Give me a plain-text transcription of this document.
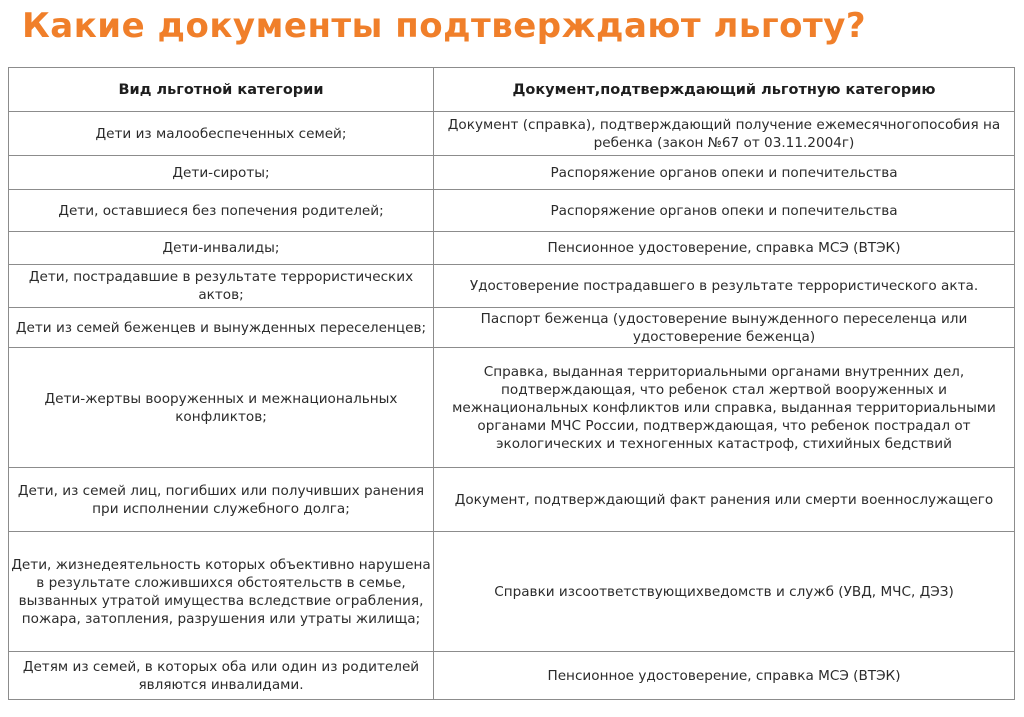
Какие документы подтверждают льготу?
Вид льготной категории	Документ,подтверждающий льготную категорию
Дети из малообеспеченных семей;	Документ (справка), подтверждающий получение ежемесячногопособия на ребенка (закон №67 от 03.11.2004г)
Дети-сироты;	Распоряжение органов опеки и попечительства
Дети, оставшиеся без попечения родителей;	Распоряжение органов опеки и попечительства
Дети-инвалиды;	Пенсионное удостоверение, справка МСЭ (ВТЭК)
Дети, пострадавшие в результате террористических актов;	Удостоверение пострадавшего в результате террористического акта.
Дети из семей беженцев и вынужденных переселенцев;	Паспорт беженца (удостоверение вынужденного переселенца или удостоверение беженца)
Дети-жертвы вооруженных и межнациональных конфликтов;	Справка, выданная территориальными органами внутренних дел, подтверждающая, что ребенок стал жертвой вооруженных и межнациональных конфликтов или справка, выданная территориальными органами МЧС России, подтверждающая, что ребенок пострадал от экологических и техногенных катастроф, стихийных бедствий
Дети, из семей лиц, погибших или получивших ранения при исполнении служебного долга;	Документ, подтверждающий факт ранения или смерти военнослужащего
Дети, жизнедеятельность которых объективно нарушена в результате сложившихся обстоятельств в семье, вызванных утратой имущества вследствие ограбления, пожара, затопления, разрушения или утраты жилища;	Справки изсоответствующихведомств и служб (УВД, МЧС, ДЭЗ)
Детям из семей, в которых оба или один из родителей являются инвалидами.	Пенсионное удостоверение, справка МСЭ (ВТЭК)
